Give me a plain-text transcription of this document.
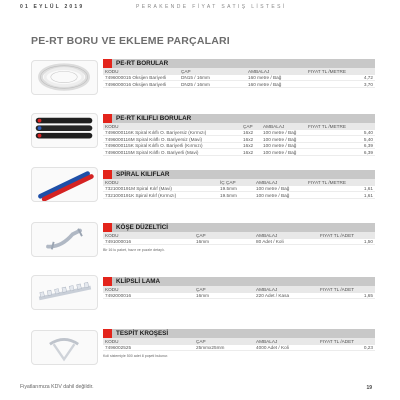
01 EYLÜL 2019	PERAKENDE FİYAT SATIŞ LİSTESİ
PE-RT BORU VE EKLEME PARÇALARI
PE-RT BORULAR
KODU	ÇAP	AMBALAJ	FIYAT TL /METRE
7496000015 Oksijen Bariyerli	DN15 / 16mm	160 metre / Bağ	4,72
7496000016 Oksijen Bariyerli	DN25 / 16mm	160 metre / Bağ	3,70
PE-RT KILIFLI BORULAR
KODU	ÇAP AMBALAJ	FIYAT TL /METRE
7496000116K Spiral Kılıflı O. Bariyersiz (Kırmızı)	16x2 100 metre / Bağ	5,40
7496000116M Spiral Kılıflı O. Bariyersiz (Mavi)	16x2 100 metre / Bağ	5,40
7496000115K Spiral Kılıflı O. Bariyerli (Kırmızı)	16x2 100 metre / Bağ	6,39
7496000115M Spiral Kılıflı O. Bariyerli (Mavi)	16x2 100 metre / Bağ	6,39
SPİRAL KILIFLAR
KODU	İÇ ÇAP	AMBALAJ	FIYAT TL /METRE
7321000191M Spiral Kılıf (Mavi)	19.5mm	100 metre / Bağ	1,61
7321000191K Spiral Kılıf (Kırmızı)	19.5mm	100 metre / Bağ	1,61
KÖŞE DÜZELTİCİ
KODU	ÇAP	AMBALAJ	FIYAT TL /ADET
7491000016	16mm	80 Adet / Koli	1,50
Bir 16 lu paket, hazır ve puzzle detaylı.
KLİPSLİ LAMA
KODU	ÇAP	AMBALAJ	FIYAT TL /ADET
7492000016	16mm	220 Adet / Kasa	1,65
TESPİT KROŞESİ
KODU	ÇAP	AMBALAJ	FIYAT TL /ADET
7496002525	25mmx25mm	4000 Adet / Koli	0,23
Koli sistemiyle 500 adet 8 poşeti bulunur.
Fiyatlarımıza KDV dahil değildir.	19
